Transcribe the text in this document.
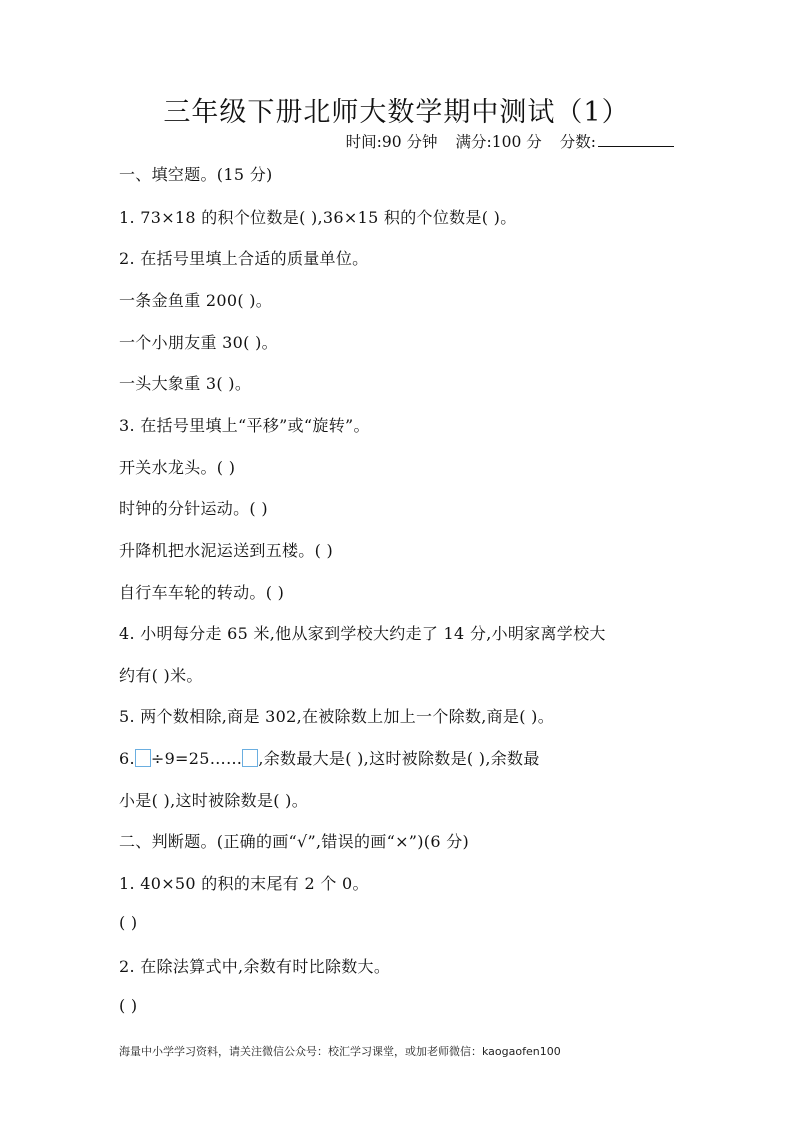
三年级下册北师大数学期中测试（1）
时间:90 分钟 满分:100 分 分数:
一、填空题。(15 分)
1. 73×18 的积个位数是( ),36×15 积的个位数是( )。
2. 在括号里填上合适的质量单位。
一条金鱼重 200( )。
一个小朋友重 30( )。
一头大象重 3( )。
3. 在括号里填上“平移”或“旋转”。
开关水龙头。( )
时钟的分针运动。( )
升降机把水泥运送到五楼。( )
自行车车轮的转动。( )
4. 小明每分走 65 米,他从家到学校大约走了 14 分,小明家离学校大
约有( )米。
5. 两个数相除,商是 302,在被除数上加上一个除数,商是( )。
6. ÷9=25…… ,余数最大是( ),这时被除数是( ),余数最
小是( ),这时被除数是( )。
二、判断题。(正确的画“√”,错误的画“×”)(6 分)
1. 40×50 的积的末尾有 2 个 0。
( )
2. 在除法算式中,余数有时比除数大。
( )
海量中小学学习资料，请关注微信公众号：校汇学习课堂，或加老师微信：kaogaofen100
